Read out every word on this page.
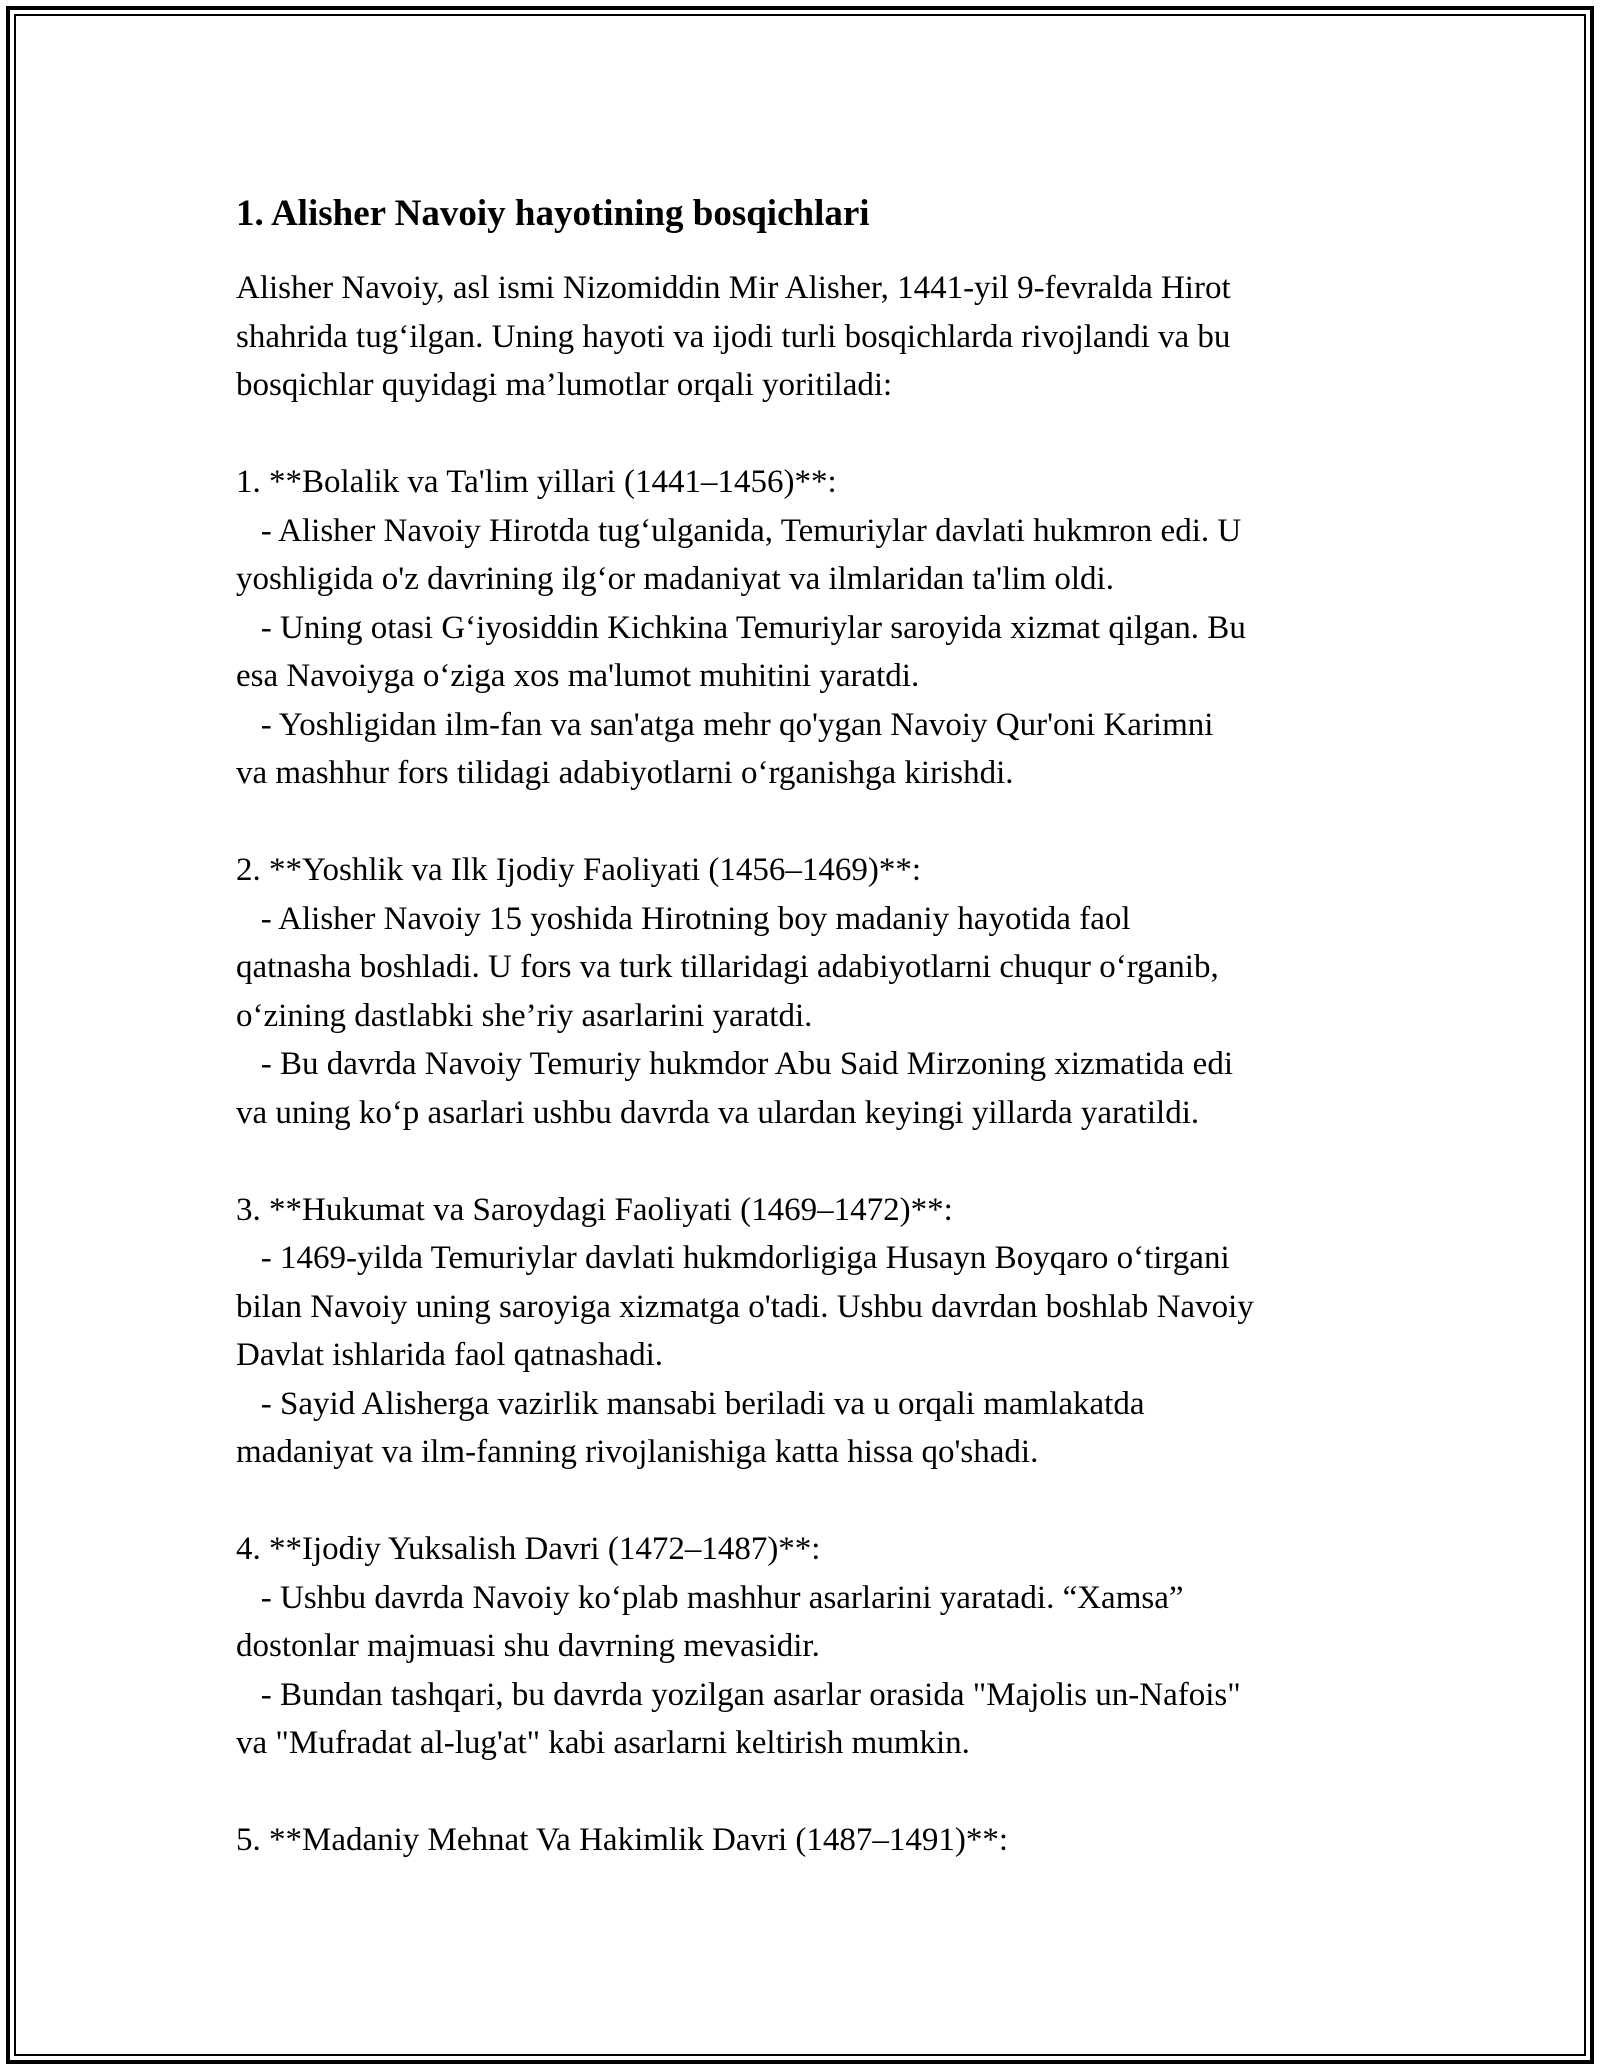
1. Alisher Navoiy hayotining bosqichlari
Alisher Navoiy, asl ismi Nizomiddin Mir Alisher, 1441-yil 9-fevralda Hirot
shahrida tug‘ilgan. Uning hayoti va ijodi turli bosqichlarda rivojlandi va bu
bosqichlar quyidagi ma’lumotlar orqali yoritiladi:
1. **Bolalik va Ta'lim yillari (1441–1456)**:
- Alisher Navoiy Hirotda tug‘ulganida, Temuriylar davlati hukmron edi. U
yoshligida o'z davrining ilg‘or madaniyat va ilmlaridan ta'lim oldi.
- Uning otasi G‘iyosiddin Kichkina Temuriylar saroyida xizmat qilgan. Bu
esa Navoiyga o‘ziga xos ma'lumot muhitini yaratdi.
- Yoshligidan ilm-fan va san'atga mehr qo'ygan Navoiy Qur'oni Karimni
va mashhur fors tilidagi adabiyotlarni o‘rganishga kirishdi.
2. **Yoshlik va Ilk Ijodiy Faoliyati (1456–1469)**:
- Alisher Navoiy 15 yoshida Hirotning boy madaniy hayotida faol
qatnasha boshladi. U fors va turk tillaridagi adabiyotlarni chuqur o‘rganib,
o‘zining dastlabki she’riy asarlarini yaratdi.
- Bu davrda Navoiy Temuriy hukmdor Abu Said Mirzoning xizmatida edi
va uning ko‘p asarlari ushbu davrda va ulardan keyingi yillarda yaratildi.
3. **Hukumat va Saroydagi Faoliyati (1469–1472)**:
- 1469-yilda Temuriylar davlati hukmdorligiga Husayn Boyqaro o‘tirgani
bilan Navoiy uning saroyiga xizmatga o'tadi. Ushbu davrdan boshlab Navoiy
Davlat ishlarida faol qatnashadi.
- Sayid Alisherga vazirlik mansabi beriladi va u orqali mamlakatda
madaniyat va ilm-fanning rivojlanishiga katta hissa qo'shadi.
4. **Ijodiy Yuksalish Davri (1472–1487)**:
- Ushbu davrda Navoiy ko‘plab mashhur asarlarini yaratadi. “Xamsa”
dostonlar majmuasi shu davrning mevasidir.
- Bundan tashqari, bu davrda yozilgan asarlar orasida "Majolis un-Nafois"
va "Mufradat al-lug'at" kabi asarlarni keltirish mumkin.
5. **Madaniy Mehnat Va Hakimlik Davri (1487–1491)**:
